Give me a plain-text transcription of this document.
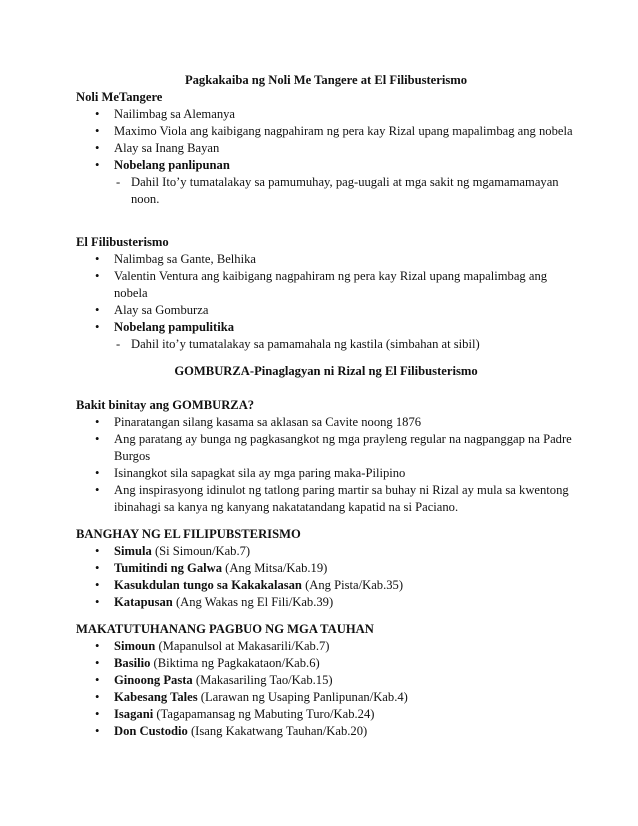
Pagkakaiba ng Noli Me Tangere at El Filibusterismo

Noli MeTangere

• Nailimbag sa Alemanya
• Maximo Viola ang kaibigang nagpahiram ng pera kay Rizal upang mapalimbag ang nobela
• Alay sa Inang Bayan
• Nobelang panlipunan
- Dahil Ito’y tumatalakay sa pamumuhay, pag-uugali at mga sakit ng mgamamamayan noon.

El Filibusterismo

• Nalimbag sa Gante, Belhika
• Valentin Ventura ang kaibigang nagpahiram ng pera kay Rizal upang mapalimbag ang nobela
• Alay sa Gomburza
• Nobelang pampulitika
- Dahil ito’y tumatalakay sa pamamahala ng kastila (simbahan at sibil)

GOMBURZA-Pinaglagyan ni Rizal ng El Filibusterismo

Bakit binitay ang GOMBURZA?

• Pinaratangan silang kasama sa aklasan sa Cavite noong 1876
• Ang paratang ay bunga ng pagkasangkot ng mga prayleng regular na nagpanggap na Padre Burgos
• Isinangkot sila sapagkat sila ay mga paring maka-Pilipino
• Ang inspirasyong idinulot ng tatlong paring martir sa buhay ni Rizal ay mula sa kwentong ibinahagi sa kanya ng kanyang nakatatandang kapatid na si Paciano.

BANGHAY NG EL FILIPUBSTERISMO

• Simula (Si Simoun/Kab.7)
• Tumitindi ng Galwa (Ang Mitsa/Kab.19)
• Kasukdulan tungo sa Kakakalasan (Ang Pista/Kab.35)
• Katapusan (Ang Wakas ng El Fili/Kab.39)

MAKATUTUHANANG PAGBUO NG MGA TAUHAN

• Simoun (Mapanulsol at Makasarili/Kab.7)
• Basilio (Biktima ng Pagkakataon/Kab.6)
• Ginoong Pasta (Makasariling Tao/Kab.15)
• Kabesang Tales (Larawan ng Usaping Panlipunan/Kab.4)
• Isagani (Tagapamansag ng Mabuting Turo/Kab.24)
• Don Custodio (Isang Kakatwang Tauhan/Kab.20)
